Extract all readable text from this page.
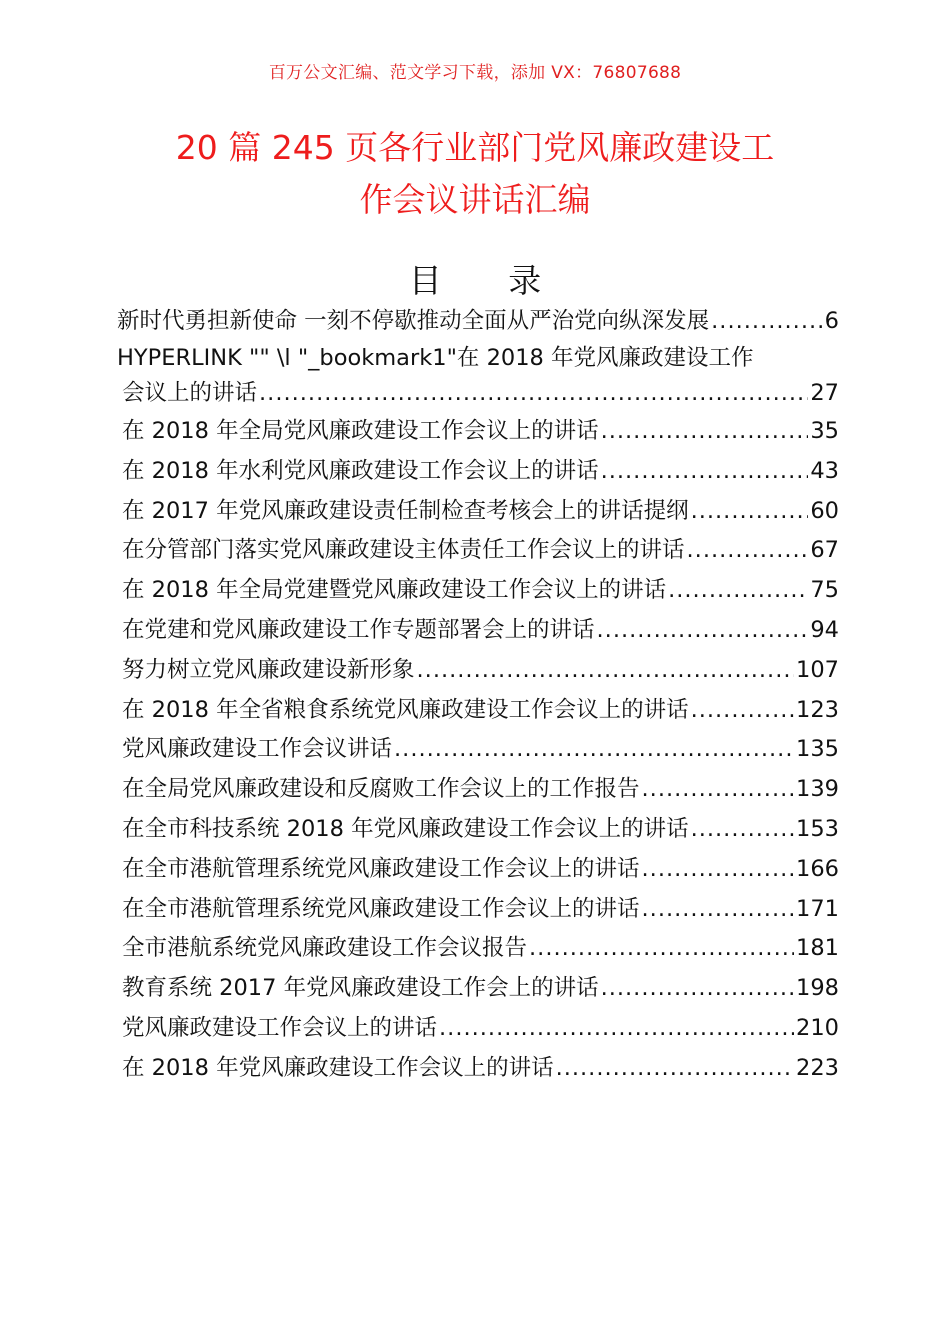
百万公文汇编、范文学习下载，添加 VX：76807688
20 篇 245 页各行业部门党风廉政建设工
作会议讲话汇编
目 录
新时代勇担新使命 一刻不停歇推动全面从严治党向纵深发展 .....	6
HYPERLINK "" \l "_bookmark1"在 2018 年党风廉政建设工作
会议上的讲话 .....	27
在 2018 年全局党风廉政建设工作会议上的讲话 .....	35
在 2018 年水利党风廉政建设工作会议上的讲话 .....	43
在 2017 年党风廉政建设责任制检查考核会上的讲话提纲 .....	60
在分管部门落实党风廉政建设主体责任工作会议上的讲话 .....	67
在 2018 年全局党建暨党风廉政建设工作会议上的讲话 .....	75
在党建和党风廉政建设工作专题部署会上的讲话 .....	94
努力树立党风廉政建设新形象 .....	107
在 2018 年全省粮食系统党风廉政建设工作会议上的讲话 .....	123
党风廉政建设工作会议讲话 .....	135
在全局党风廉政建设和反腐败工作会议上的工作报告 .....	139
在全市科技系统 2018 年党风廉政建设工作会议上的讲话 .....	153
在全市港航管理系统党风廉政建设工作会议上的讲话 .....	166
在全市港航管理系统党风廉政建设工作会议上的讲话 .....	171
全市港航系统党风廉政建设工作会议报告 .....	181
教育系统 2017 年党风廉政建设工作会上的讲话 .....	198
党风廉政建设工作会议上的讲话 .....	210
在 2018 年党风廉政建设工作会议上的讲话 .....	223
